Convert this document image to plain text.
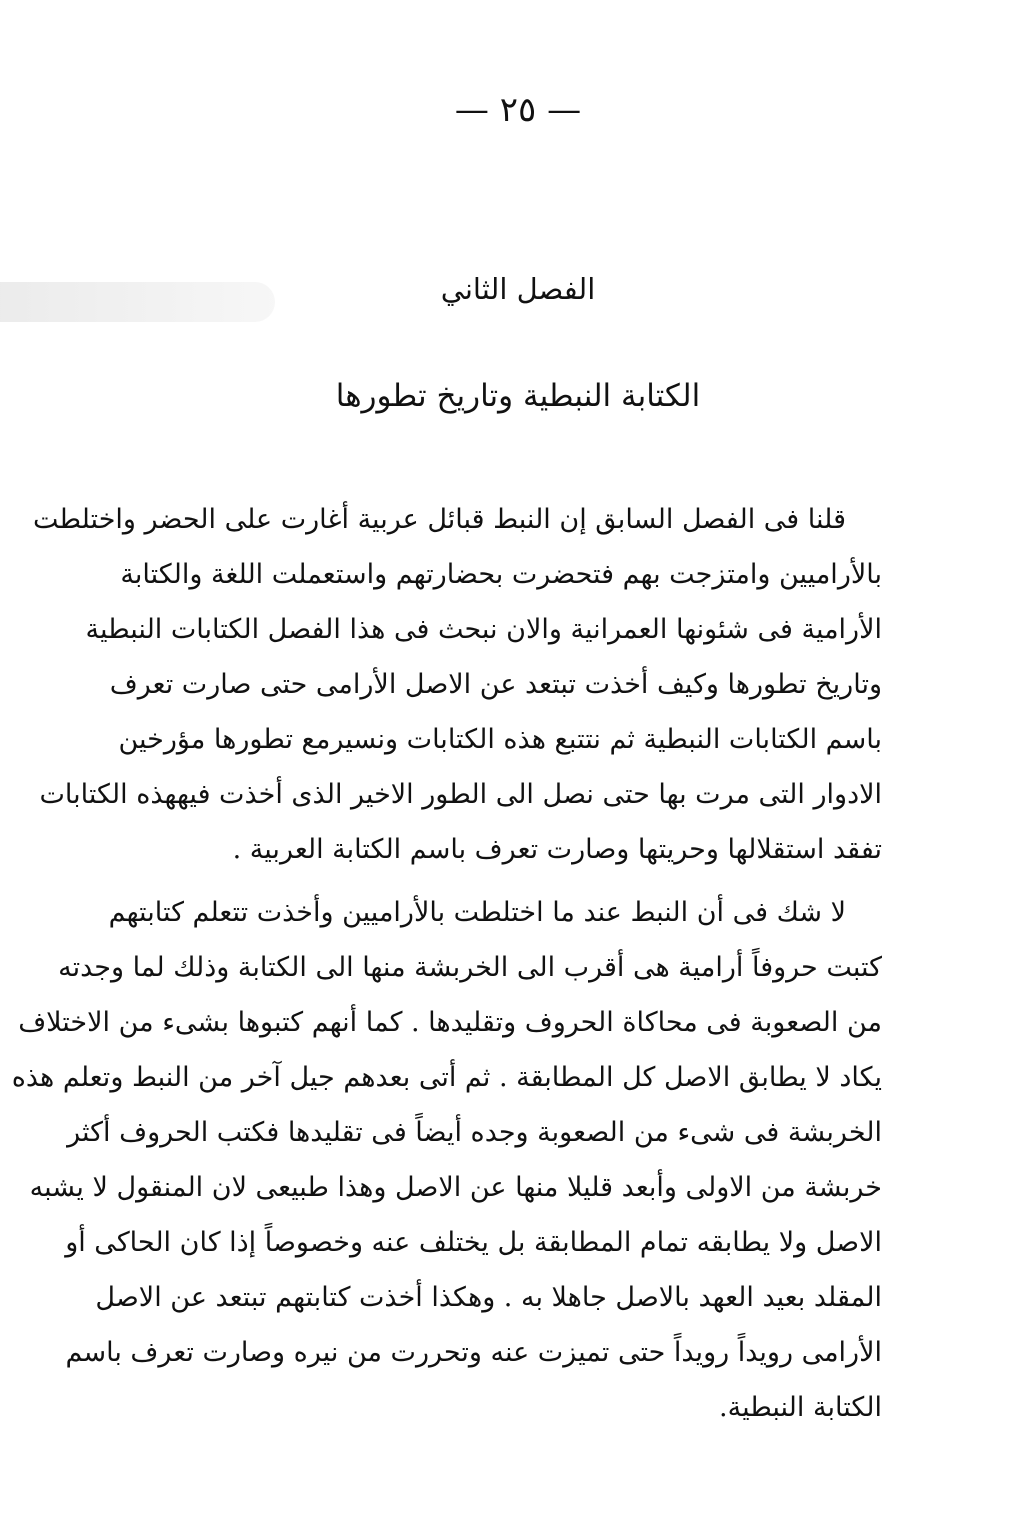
— ٢٥ —
الفصل الثاني
الكتابة النبطية وتاريخ تطورها
قلنا فى الفصل السابق إن النبط قبائل عربية أغارت على الحضر واختلطت
بالأراميين وامتزجت بهم فتحضرت بحضارتهم واستعملت اللغة والكتابة
الأرامية فى شئونها العمرانية والان نبحث فى هذا الفصل الكتابات النبطية
وتاريخ تطورها وكيف أخذت تبتعد عن الاصل الأرامى حتى صارت تعرف
باسم الكتابات النبطية ثم نتتبع هذه الكتابات ونسيرمع تطورها مؤرخين
الادوار التى مرت بها حتى نصل الى الطور الاخير الذى أخذت فيههذه الكتابات
تفقد استقلالها وحريتها وصارت تعرف باسم الكتابة العربية .
لا شك فى أن النبط عند ما اختلطت بالأراميين وأخذت تتعلم كتابتهم
كتبت حروفاً أرامية هى أقرب الى الخربشة منها الى الكتابة وذلك لما وجدته
من الصعوبة فى محاكاة الحروف وتقليدها . كما أنهم كتبوها بشىء من الاختلاف
يكاد لا يطابق الاصل كل المطابقة . ثم أتى بعدهم جيل آخر من النبط وتعلم هذه
الخربشة فى شىء من الصعوبة وجده أيضاً فى تقليدها فكتب الحروف أكثر
خربشة من الاولى وأبعد قليلا منها عن الاصل وهذا طبيعى لان المنقول لا يشبه
الاصل ولا يطابقه تمام المطابقة بل يختلف عنه وخصوصاً إذا كان الحاكى أو
المقلد بعيد العهد بالاصل جاهلا به . وهكذا أخذت كتابتهم تبتعد عن الاصل
الأرامى رويداً رويداً حتى تميزت عنه وتحررت من نيره وصارت تعرف باسم
الكتابة النبطية.
